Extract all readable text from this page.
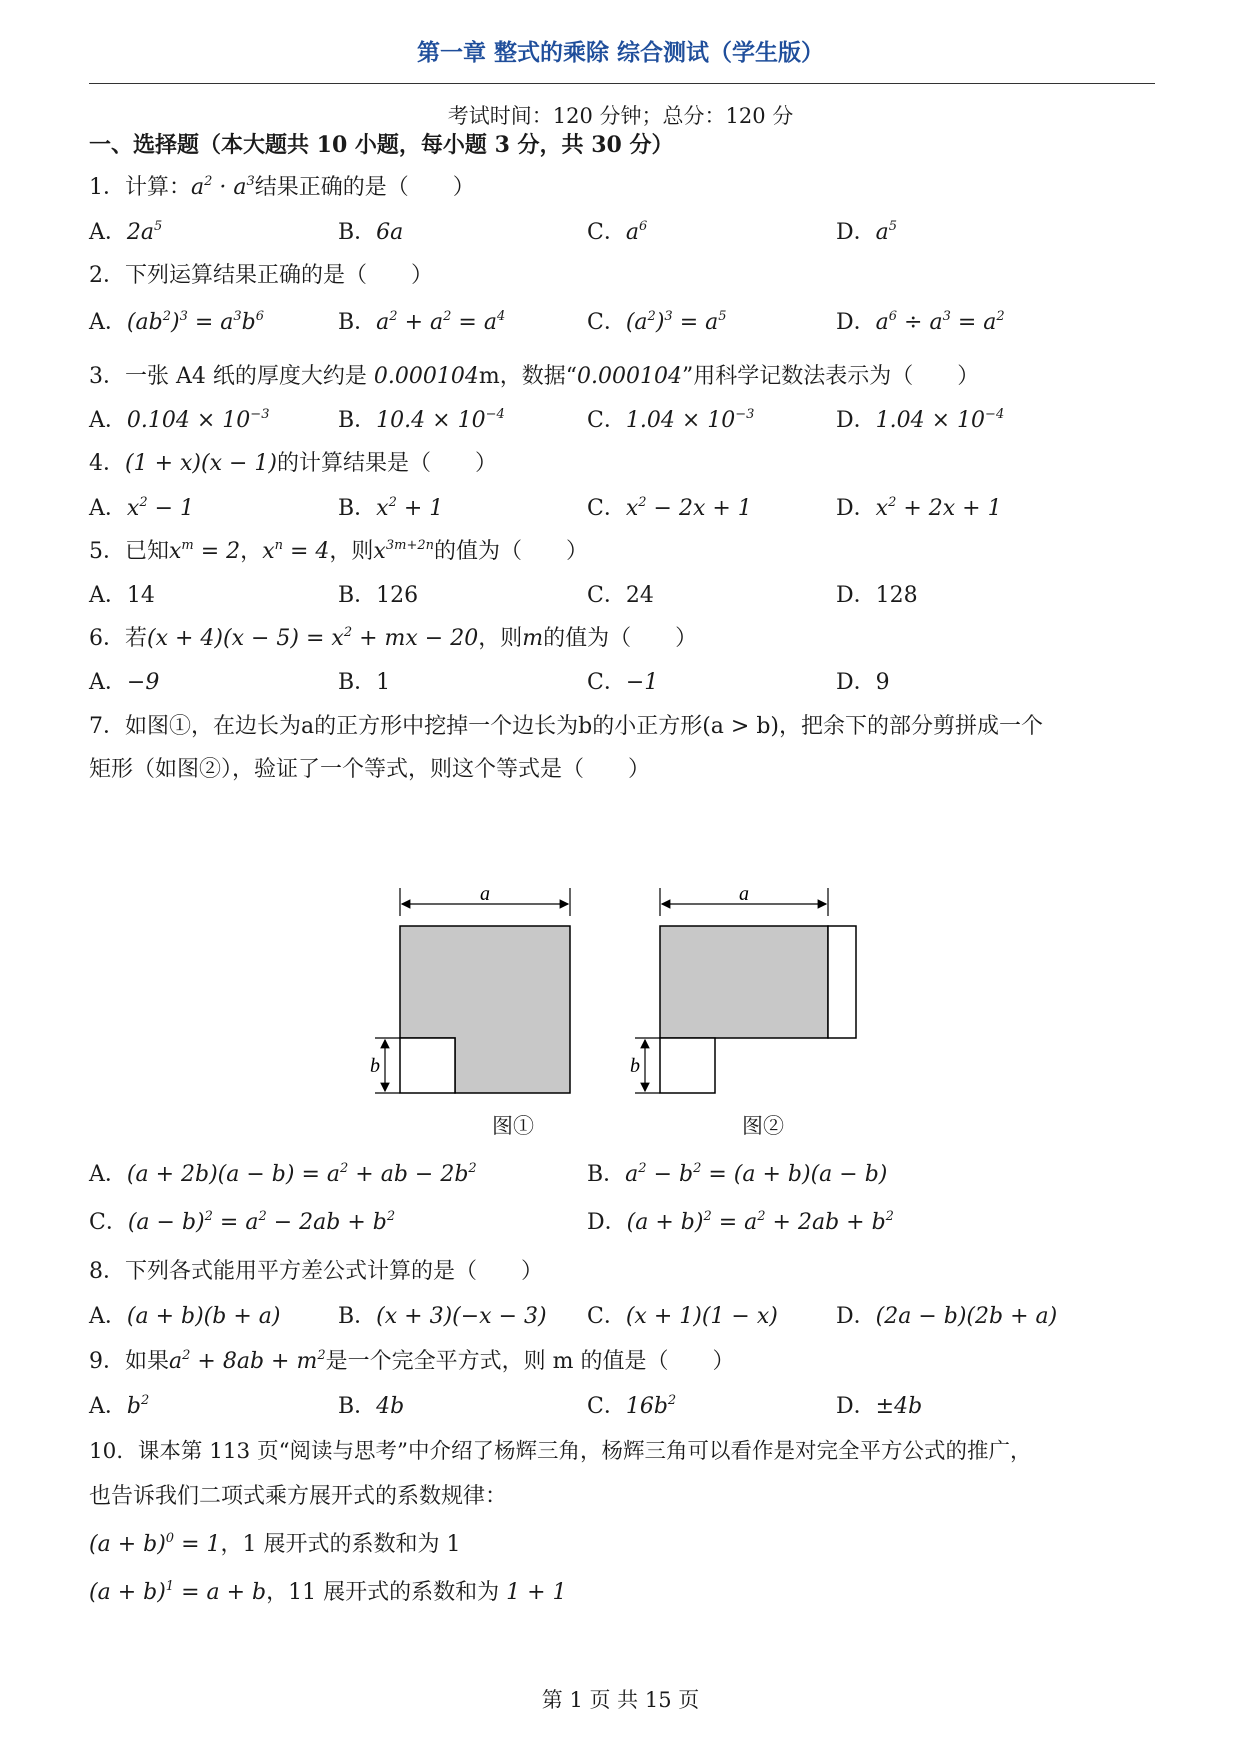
第一章 整式的乘除 综合测试（学生版）
考试时间：120 分钟；总分：120 分
一、选择题（本大题共 10 小题，每小题 3 分，共 30 分）
1．计算：$a^2 \cdot a^3$结果正确的是（　　）
A．$2a^5$	B．6a	C．$a^6$	D．$a^5$
2．下列运算结果正确的是（　　）
A．$(ab^2)^3 = a^3b^6$	B．$a^2 + a^2 = a^4$	C．$(a^2)^3 = a^5$	D．$a^6 \div a^3 = a^2$
3．一张 A4 纸的厚度大约是 0.000104m，数据“0.000104”用科学记数法表示为（　　）
A．$0.104 \times 10^{-3}$	B．$10.4 \times 10^{-4}$	C．$1.04 \times 10^{-3}$	D．$1.04 \times 10^{-4}$
4．(1 + x)(x − 1)的计算结果是（　　）
A．$x^2 - 1$	B．$x^2 + 1$	C．$x^2 - 2x + 1$	D．$x^2 + 2x + 1$
5．已知$x^m = 2$，$x^n = 4$，则$x^{3m+2n}$的值为（　　）
A．14	B．126	C．24	D．128
6．若$(x + 4)(x - 5) = x^2$ + mx − 20，则m的值为（　　）
A．−9	B．1	C．−1	D．9
7．如图①，在边长为a的正方形中挖掉一个边长为b的小正方形(a > b)，把余下的部分剪拼成一个
矩形（如图②），验证了一个等式，则这个等式是（　　）
a
b
a
b
图①	图②
A．$(a + 2b)(a - b) = a^2$ + ab − $2b^2$	B．$a^2 - b^2 = (a + b)(a - b)$
C．$(a - b)^2 = a^2 - 2ab + b^2$	D．$(a + b)^2 = a^2 + 2ab + b^2$
8．下列各式能用平方差公式计算的是（　　）
A．(a + b)(b + a)	B．(x + 3)(−x − 3) C．(x + 1)(1 − x)	D．(2a − b)(2b + a)
9．如果$a^2 + 8ab + m^2$是一个完全平方式，则 m 的值是（　　）
A．$b^2$	B．4b	C．$16b^2$	D．±4b
10．课本第 113 页“阅读与思考”中介绍了杨辉三角，杨辉三角可以看作是对完全平方公式的推广，
也告诉我们二项式乘方展开式的系数规律：
$(a + b)^0 = 1$，1 展开式的系数和为 1
$(a + b)^1 = a + b$，11 展开式的系数和为 1 + 1
第 1 页 共 15 页
